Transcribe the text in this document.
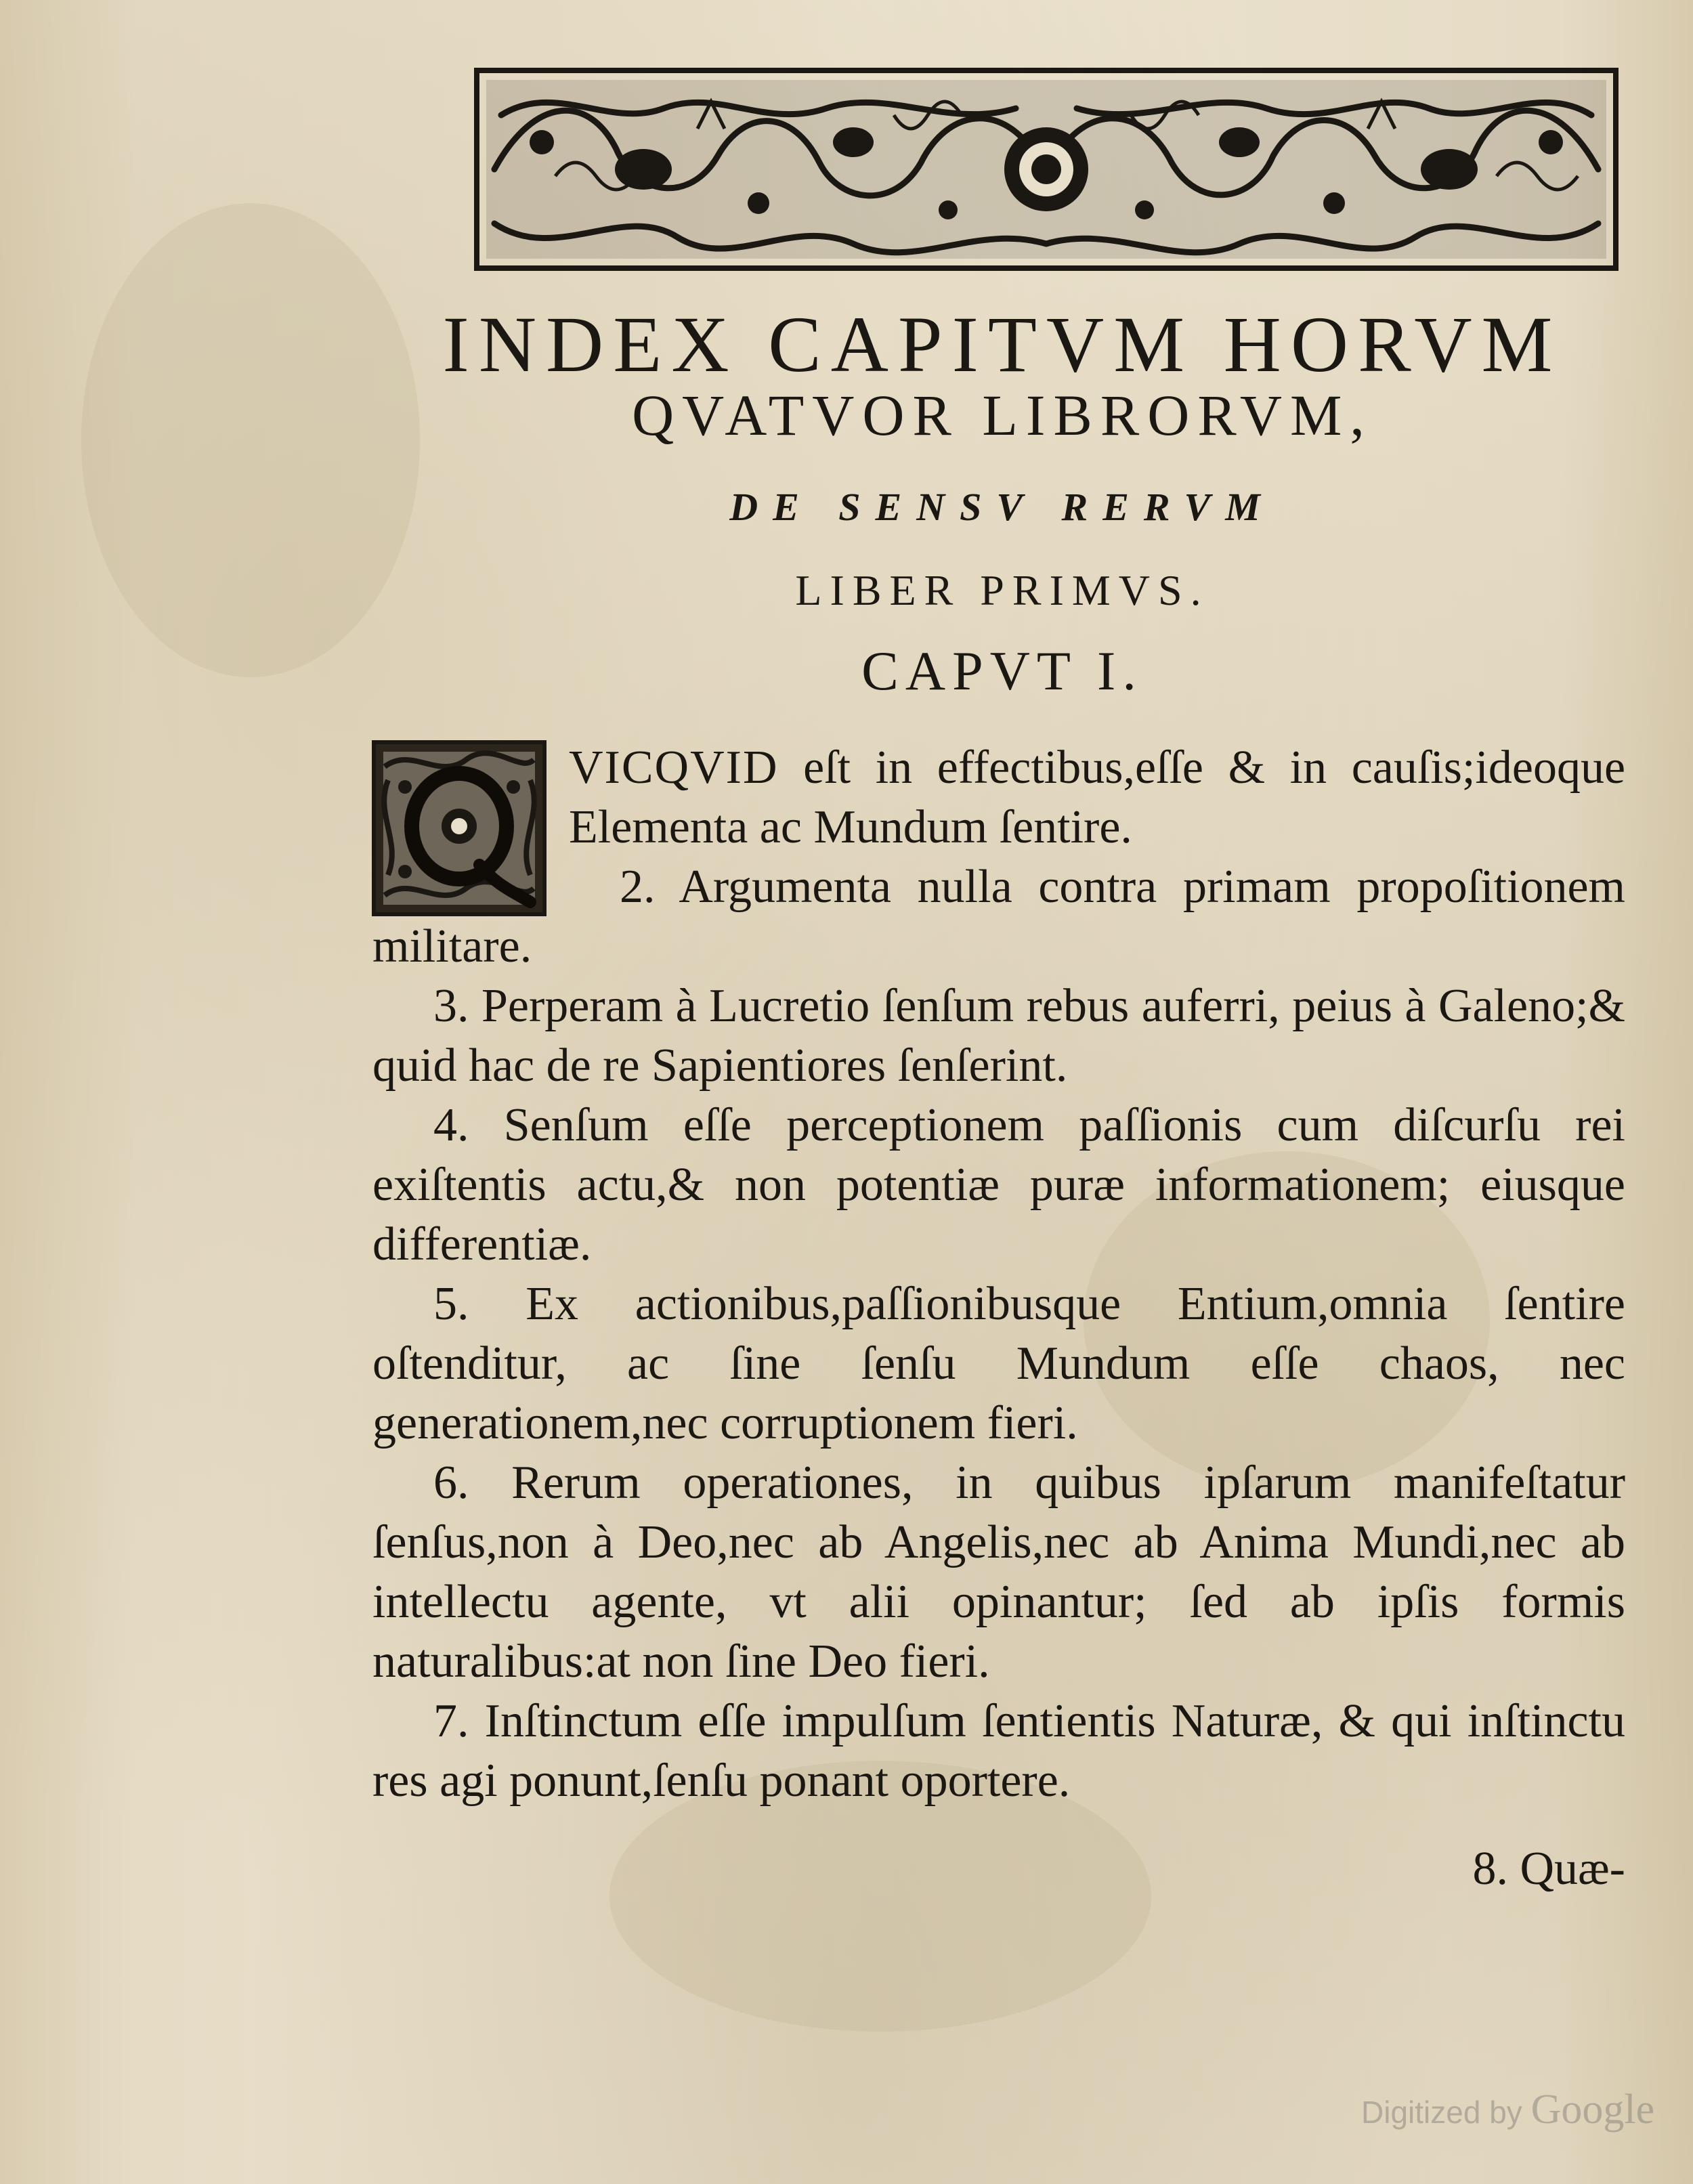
INDEX CAPITVM HORVM
QVATVOR LIBRORVM,
DE SENSV RERVM
LIBER PRIMVS.
CAPVT I.

VICQVID eſt in effectibus,eſſe & in cauſis;ideoque Elementa ac Mundum ſentire.

2. Argumenta nulla contra primam propoſitionem militare.

3. Perperam à Lucretio ſenſum rebus auferri, peius à Galeno;& quid hac de re Sapientiores ſenſerint.

4. Senſum eſſe perceptionem paſſionis cum diſcurſu rei exiſtentis actu,& non potentiæ puræ informationem; eiusque differentiæ.

5. Ex actionibus,paſſionibusque Entium,omnia ſentire oſtenditur, ac ſine ſenſu Mundum eſſe chaos, nec generationem,nec corruptionem fieri.

6. Rerum operationes, in quibus ipſarum manifeſtatur ſenſus,non à Deo,nec ab Angelis,nec ab Anima Mundi,nec ab intellectu agente, vt alii opinantur; ſed ab ipſis formis naturalibus:at non ſine Deo fieri.

7. Inſtinctum eſſe impulſum ſentientis Naturæ, & qui inſtinctu res agi ponunt,ſenſu ponant oportere.

8. Quæ-
Digitized by Google
